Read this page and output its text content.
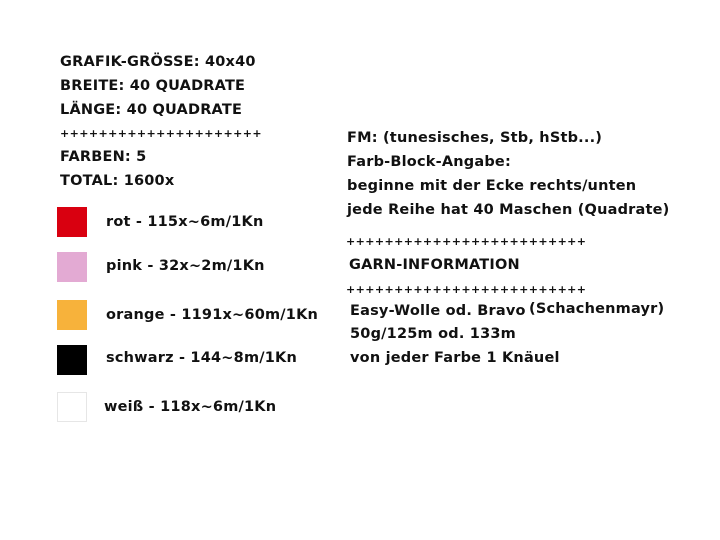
GRAFIK-GRÖSSE: 40x40
BREITE: 40 QUADRATE
LÄNGE: 40 QUADRATE
+++++++++++++++++++++
FARBEN: 5
TOTAL: 1600x
rot - 115x~6m/1Kn
pink - 32x~2m/1Kn
orange - 1191x~60m/1Kn
schwarz - 144~8m/1Kn
weiß - 118x~6m/1Kn
FM: (tunesisches, Stb, hStb...)
Farb-Block-Angabe:
beginne mit der Ecke rechts/unten
jede Reihe hat 40 Maschen (Quadrate)
+++++++++++++++++++++++++
GARN-INFORMATION
+++++++++++++++++++++++++
Easy-Wolle od. Bravo (Schachenmayr)
50g/125m od. 133m
von jeder Farbe 1 Knäuel
